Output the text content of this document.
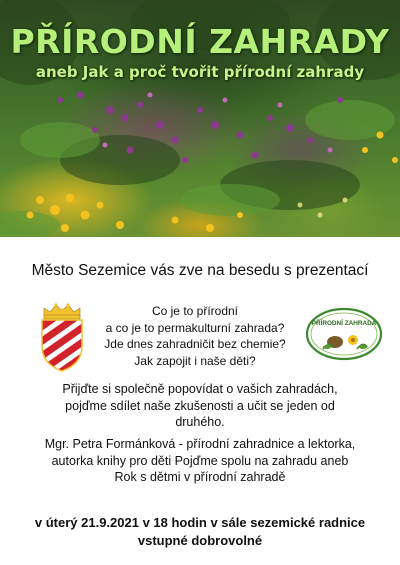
PŘÍRODNÍ ZAHRADY
aneb Jak a proč tvořit přírodní zahrady
Město Sezemice vás zve na besedu s prezentací
Co je to přírodní
a co je to permakulturní zahrada?
Jde dnes zahradničit bez chemie?
Jak zapojit i naše děti?
PŘÍRODNÍ ZAHRADA
Přijďte si společně popovídat o vašich zahradách, pojďme sdílet naše zkušenosti a učit se jeden od druhého.
Mgr. Petra Formánková - přírodní zahradnice a lektorka, autorka knihy pro děti Pojďme spolu na zahradu aneb Rok s dětmi v přírodní zahradě
v úterý 21.9.2021 v 18 hodin v sále sezemické radnice
vstupné dobrovolné
